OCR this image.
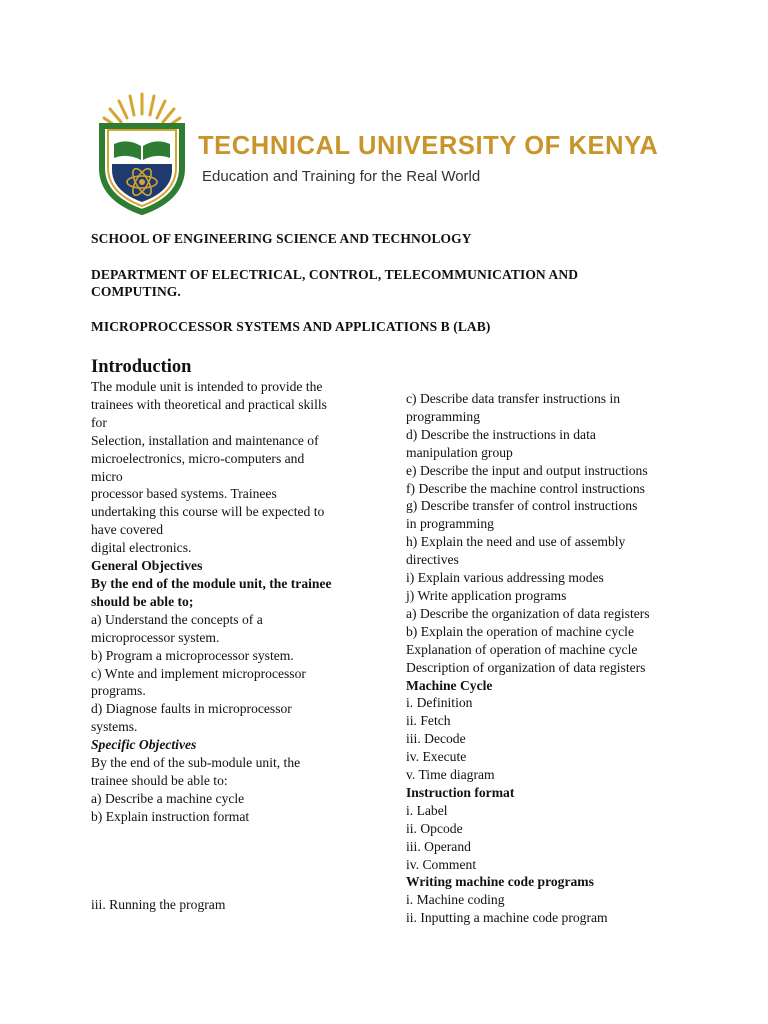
TECHNICAL UNIVERSITY OF KENYA
Education and Training for the Real World
SCHOOL OF ENGINEERING SCIENCE AND TECHNOLOGY
DEPARTMENT OF ELECTRICAL, CONTROL, TELECOMMUNICATION AND
COMPUTING.
MICROPROCCESSOR SYSTEMS AND APPLICATIONS B (LAB)
Introduction
The module unit is intended to provide the
trainees with theoretical and practical skills
for
Selection, installation and maintenance of
microelectronics, micro-computers and
micro
processor based systems. Trainees
undertaking this course will be expected to
have covered
digital electronics.
General Objectives
By the end of the module unit, the trainee
should be able to;
a) Understand the concepts of a
microprocessor system.
b) Program a microprocessor system.
c) Wnte and implement microprocessor
programs.
d) Diagnose faults in microprocessor
systems.
Specific Objectives
By the end of the sub-module unit, the
trainee should be able to:
a) Describe a machine cycle
b) Explain instruction format
iii. Running the program
c) Describe data transfer instructions in
programming
d) Describe the instructions in data
manipulation group
e) Describe the input and output instructions
f) Describe the machine control instructions
g) Describe transfer of control instructions
in programming
h) Explain the need and use of assembly
directives
i) Explain various addressing modes
j) Write application programs
a) Describe the organization of data registers
b) Explain the operation of machine cycle
Explanation of operation of machine cycle
Description of organization of data registers
Machine Cycle
i. Definition
ii. Fetch
iii. Decode
iv. Execute
v. Time diagram
Instruction format
i. Label
ii. Opcode
iii. Operand
iv. Comment
Writing machine code programs
i. Machine coding
ii. Inputting a machine code program
